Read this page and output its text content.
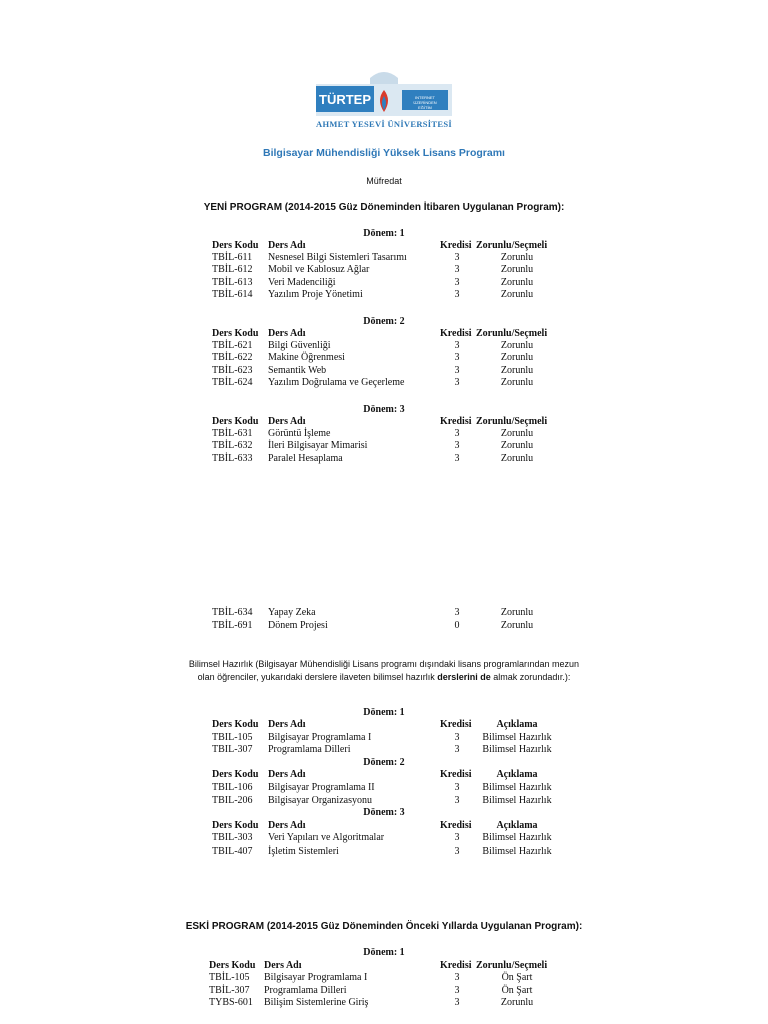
TÜRTEP	INTERNET
ÜZERİNDEN
EĞİTİM
AHMET YESEVİ ÜNİVERSİTESİ
Bilgisayar Mühendisliği Yüksek Lisans Programı
Müfredat
YENİ PROGRAM (2014-2015 Güz Döneminden İtibaren Uygulanan Program):
Dönem: 1
Ders Kodu Ders Adı	Kredisi Zorunlu/Seçmeli
TBİL-611 Nesnesel Bilgi Sistemleri Tasarımı	3	Zorunlu
TBİL-612 Mobil ve Kablosuz Ağlar	3	Zorunlu
TBİL-613 Veri Madenciliği	3	Zorunlu
TBİL-614 Yazılım Proje Yönetimi	3	Zorunlu
Dönem: 2
Ders Kodu Ders Adı	Kredisi Zorunlu/Seçmeli
TBİL-621 Bilgi Güvenliği	3	Zorunlu
TBİL-622 Makine Öğrenmesi	3	Zorunlu
TBİL-623 Semantik Web	3	Zorunlu
TBİL-624 Yazılım Doğrulama ve Geçerleme	3	Zorunlu
Dönem: 3
Ders Kodu Ders Adı	Kredisi Zorunlu/Seçmeli
TBİL-631 Görüntü İşleme	3	Zorunlu
TBİL-632 İleri Bilgisayar Mimarisi	3	Zorunlu
TBİL-633 Paralel Hesaplama	3	Zorunlu
TBİL-634 Yapay Zeka	3	Zorunlu
TBİL-691 Dönem Projesi	0	Zorunlu
Bilimsel Hazırlık (Bilgisayar Mühendisliği Lisans programı dışındaki lisans programlarından mezun olan öğrenciler, yukarıdaki derslere ilaveten bilimsel hazırlık derslerini de almak zorundadır.):
Dönem: 1
Ders Kodu Ders Adı	Kredisi	Açıklama
TBIL-105 Bilgisayar Programlama I	3	Bilimsel Hazırlık
TBIL-307 Programlama Dilleri	3	Bilimsel Hazırlık
Dönem: 2
Ders Kodu Ders Adı	Kredisi	Açıklama
TBIL-106 Bilgisayar Programlama II	3	Bilimsel Hazırlık
TBIL-206 Bilgisayar Organizasyonu	3	Bilimsel Hazırlık
Dönem: 3
Ders Kodu Ders Adı	Kredisi	Açıklama
TBIL-303 Veri Yapıları ve Algoritmalar	3	Bilimsel Hazırlık
TBIL-407 İşletim Sistemleri	3	Bilimsel Hazırlık
ESKİ PROGRAM (2014-2015 Güz Döneminden Önceki Yıllarda Uygulanan Program):
Dönem: 1
Ders Kodu Ders Adı	Kredisi Zorunlu/Seçmeli
TBİL-105 Bilgisayar Programlama I	3	Ön Şart
TBİL-307 Programlama Dilleri	3	Ön Şart
TYBS-601 Bilişim Sistemlerine Giriş	3	Zorunlu
